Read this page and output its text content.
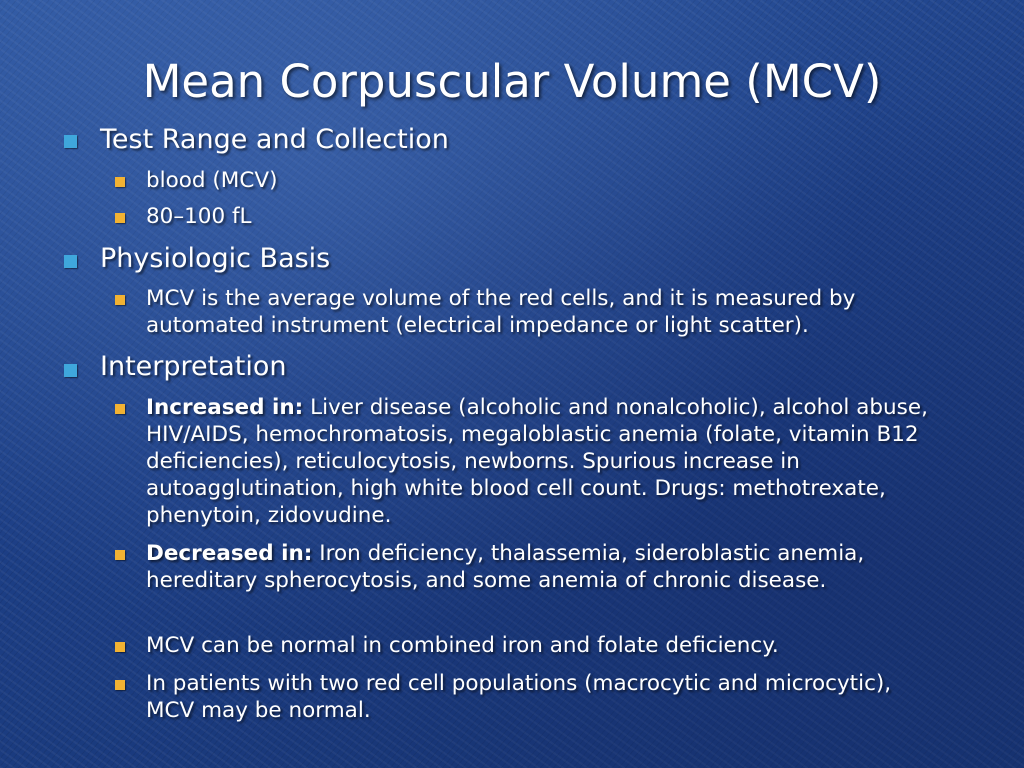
Mean Corpuscular Volume (MCV)
Test Range and Collection
blood (MCV)
80–100 fL
Physiologic Basis
MCV is the average volume of the red cells, and it is measured by automated instrument (electrical impedance or light scatter).
Interpretation
Increased in: Liver disease (alcoholic and nonalcoholic), alcohol abuse, HIV/AIDS, hemochromatosis, megaloblastic anemia (folate, vitamin B12 deficiencies), reticulocytosis, newborns. Spurious increase in autoagglutination, high white blood cell count. Drugs: methotrexate, phenytoin, zidovudine.
Decreased in: Iron deficiency, thalassemia, sideroblastic anemia, hereditary spherocytosis, and some anemia of chronic disease.
MCV can be normal in combined iron and folate deficiency.
In patients with two red cell populations (macrocytic and microcytic), MCV may be normal.
